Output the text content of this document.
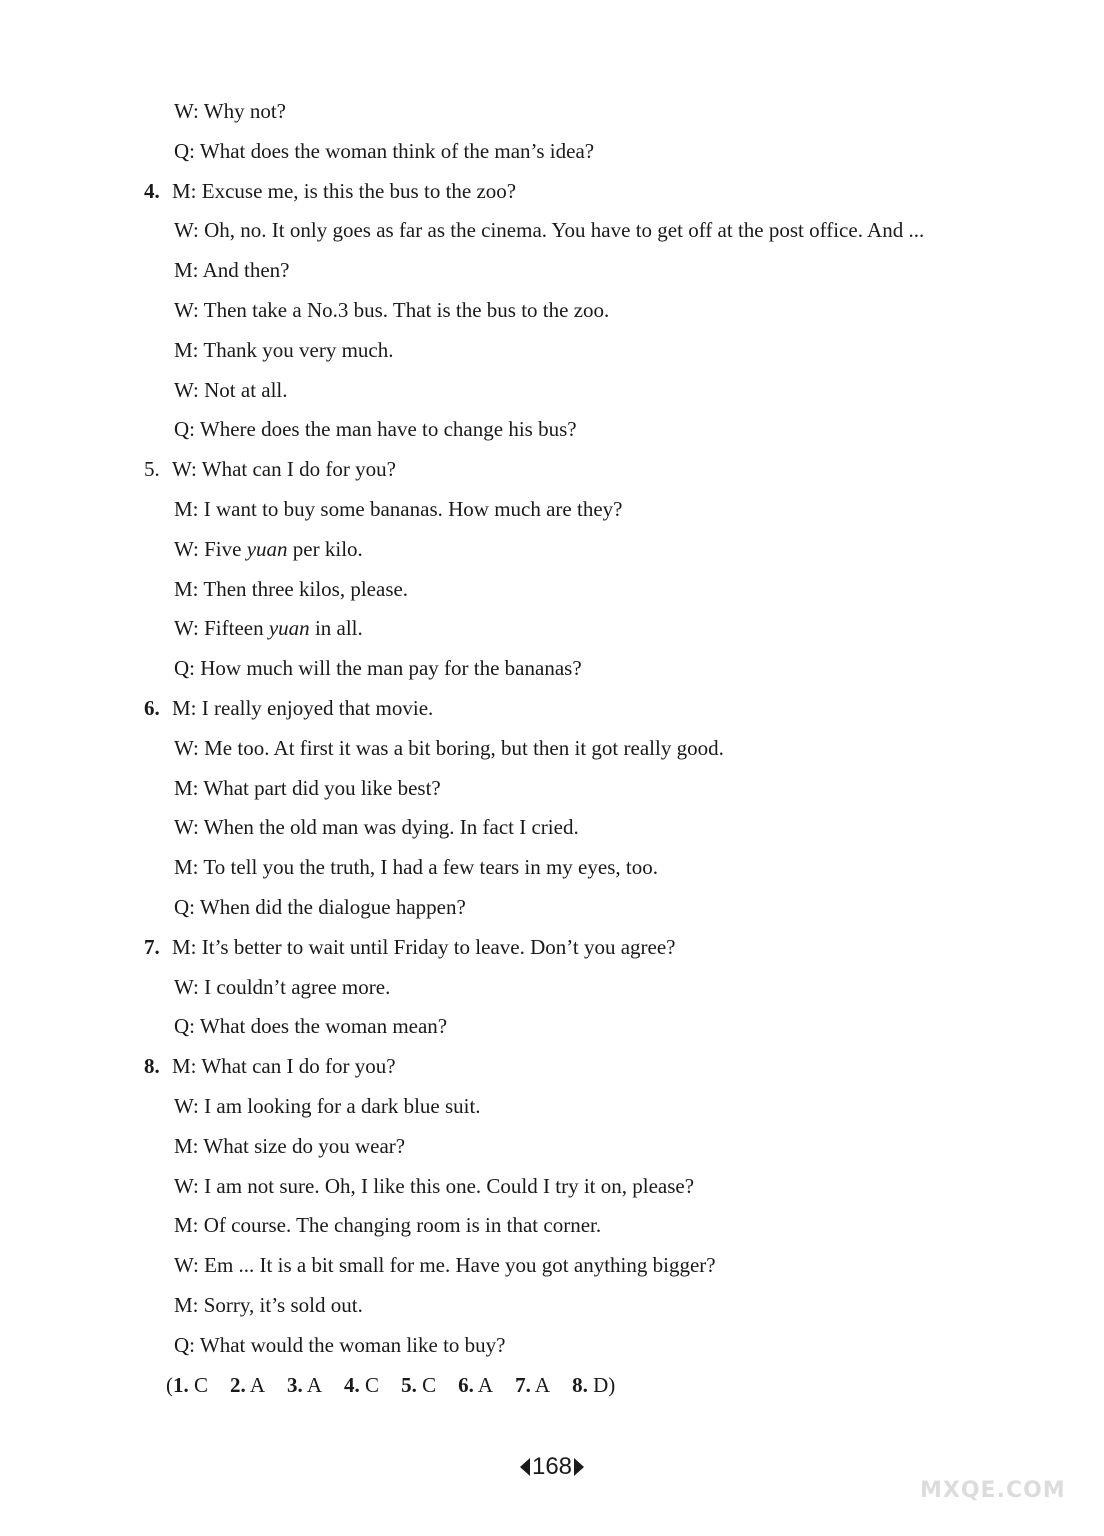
W: Why not?
Q: What does the woman think of the man’s idea?
4. M: Excuse me, is this the bus to the zoo?
W: Oh, no. It only goes as far as the cinema. You have to get off at the post office. And ...
M: And then?
W: Then take a No.3 bus. That is the bus to the zoo.
M: Thank you very much.
W: Not at all.
Q: Where does the man have to change his bus?
5. W: What can I do for you?
M: I want to buy some bananas. How much are they?
W: Five yuan per kilo.
M: Then three kilos, please.
W: Fifteen yuan in all.
Q: How much will the man pay for the bananas?
6. M: I really enjoyed that movie.
W: Me too. At first it was a bit boring, but then it got really good.
M: What part did you like best?
W: When the old man was dying. In fact I cried.
M: To tell you the truth, I had a few tears in my eyes, too.
Q: When did the dialogue happen?
7. M: It’s better to wait until Friday to leave. Don’t you agree?
W: I couldn’t agree more.
Q: What does the woman mean?
8. M: What can I do for you?
W: I am looking for a dark blue suit.
M: What size do you wear?
W: I am not sure. Oh, I like this one. Could I try it on, please?
M: Of course. The changing room is in that corner.
W: Em ... It is a bit small for me. Have you got anything bigger?
M: Sorry, it’s sold out.
Q: What would the woman like to buy?
(1. C 2. A 3. A 4. C 5. C 6. A 7. A 8. D)
168
MXQE.COM
